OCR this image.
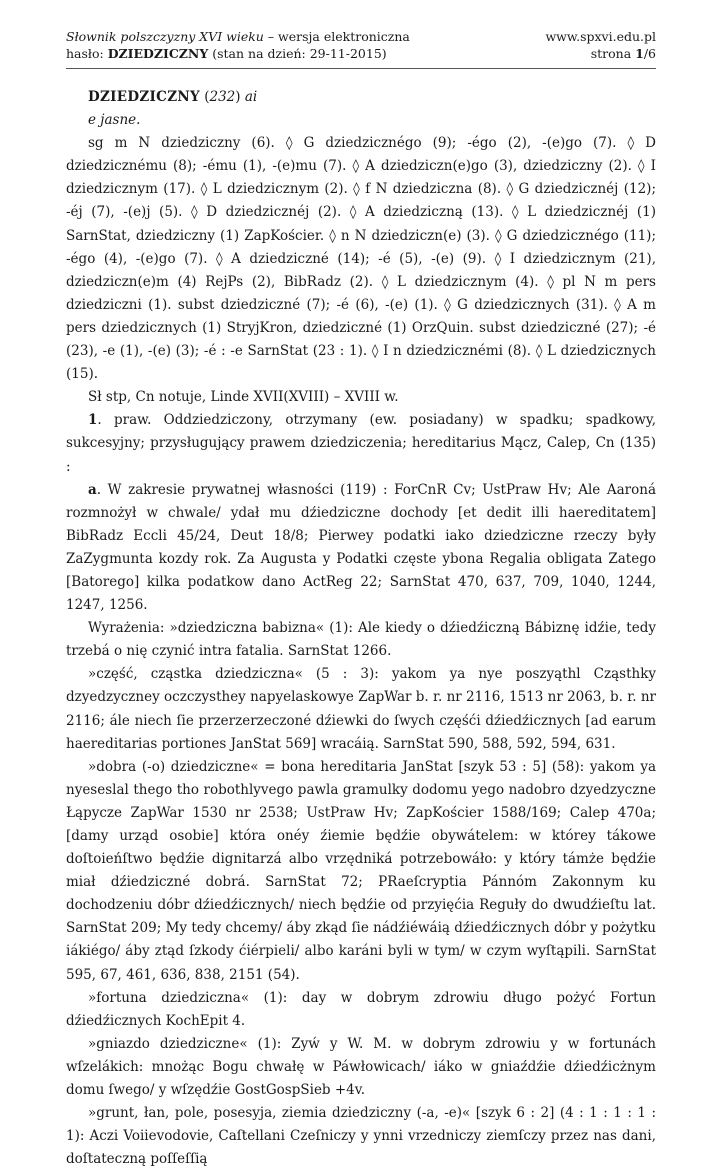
Słownik polszczyzny XVI wieku – wersja elektroniczna
hasło: DZIEDZICZNY (stan na dzień: 29-11-2015)
www.spxvi.edu.pl
strona 1/6

DZIEDZICZNY (232) ai

e jasne.

sg m N dziedziczny (6). ◊ G dziedzicznégo (9); -égo (2), -(e)go (7). ◊ D dziedzicznému (8); -ému (1), -(e)mu (7). ◊ A dziedziczn(e)go (3), dziedziczny (2). ◊ I dziedzicznym (17). ◊ L dziedzicznym (2). ◊ f N dziedziczna (8). ◊ G dziedzicznéj (12); -éj (7), -(e)j (5). ◊ D dziedzicznéj (2). ◊ A dziedziczną (13). ◊ L dziedzicznéj (1) SarnStat, dziedziczny (1) ZapKościer. ◊ n N dziedziczn(e) (3). ◊ G dziedzicznégo (11); -égo (4), -(e)go (7). ◊ A dziedziczné (14); -é (5), -(e) (9). ◊ I dziedzicznym (21), dziedziczn(e)m (4) RejPs (2), BibRadz (2). ◊ L dziedzicznym (4). ◊ pl N m pers dziedziczni (1). subst dziedziczné (7); -é (6), -(e) (1). ◊ G dziedzicznych (31). ◊ A m pers dziedzicznych (1) StryjKron, dziedziczné (1) OrzQuin. subst dziedziczné (27); -é (23), -e (1), -(e) (3); -é : -e SarnStat (23 : 1). ◊ I n dziedzicznémi (8). ◊ L dziedzicznych (15).

Sł stp, Cn notuje, Linde XVII(XVIII) – XVIII w.

1. praw. Oddziedziczony, otrzymany (ew. posiadany) w spadku; spadkowy, sukcesyjny; przysługujący prawem dziedziczenia; hereditarius Mącz, Calep, Cn (135) :

a. W zakresie prywatnej własności (119) : ForCnR Cv; UstPraw Hv; Ale Aaroná rozmnożył w chwale/ ydał mu dźiedziczne dochody [et dedit illi haereditatem] BibRadz Eccli 45/24, Deut 18/8; Pierwey podatki iako dziedziczne rzeczy były ZaZygmunta kozdy rok. Za Augusta y Podatki częste ybona Regalia obligata Zatego [Batorego] kilka podatkow dano ActReg 22; SarnStat 470, 637, 709, 1040, 1244, 1247, 1256.

Wyrażenia: »dziedziczna babizna« (1): Ale kiedy o dźiedźiczną Bábiznę idźie, tedy trzebá o nię czynić intra fatalia. SarnStat 1266.

»część, cząstka dziedziczna« (5 : 3): yakom ya nye poszyąthl Cząsthky dzyedzyczney oczczysthey napyelaskowye ZapWar b. r. nr 2116, 1513 nr 2063, b. r. nr 2116; ále niech ſie przerzerzeczoné dźiewki do ſwych częśći dźiedźicznych [ad earum haereditarias portiones JanStat 569] wracáią. SarnStat 590, 588, 592, 594, 631.

»dobra (-o) dziedziczne« = bona hereditaria JanStat [szyk 53 : 5] (58): yakom ya nyeseslal thego tho robothlyvego pawla gramulky dodomu yego nadobro dzyedzyczne Łąpycze ZapWar 1530 nr 2538; UstPraw Hv; ZapKościer 1588/169; Calep 470a; [damy urząd osobie] która onéy źiemie będźie obywátelem: w którey tákowe doſtoieńſtwo będźie dignitarzá albo vrzędniká potrzebowáło: y który támże będźie miał dźiedziczné dobrá. SarnStat 72; PRaeſcryptia Pánnóm Zakonnym ku dochodzeniu dóbr dźiedźicznych/ niech będźie od przyięćia Reguły do dwudźieſtu lat. SarnStat 209; My tedy chcemy/ áby zkąd ſie nádźiéwáią dźiedźicznych dóbr y pożytku iákiégo/ áby ztąd ſzkody ćiérpieli/ albo karáni byli w tym/ w czym wyſtąpili. SarnStat 595, 67, 461, 636, 838, 2151 (54).

»fortuna dziedziczna« (1): day w dobrym zdrowiu długo pożyć Fortun dźiedźicznych KochEpit 4.

»gniazdo dziedziczne« (1): Zyẃ y W. M. w dobrym zdrowiu y w fortunách wſzelákich: mnożąc Bogu chwałę w Páwłowicach/ iáko w gniaźdźie dźiedźicżnym domu ſwego/ y wſzędźie GostGospSieb +4v.

»grunt, łan, pole, posesyja, ziemia dziedziczny (-a, -e)« [szyk 6 : 2] (4 : 1 : 1 : 1 : 1): Aczi Voiievodovie, Caſtellani Czeſniczy y ynni vrzedniczy ziemſczy przez nas dani, doſtateczną poſſeſſią
